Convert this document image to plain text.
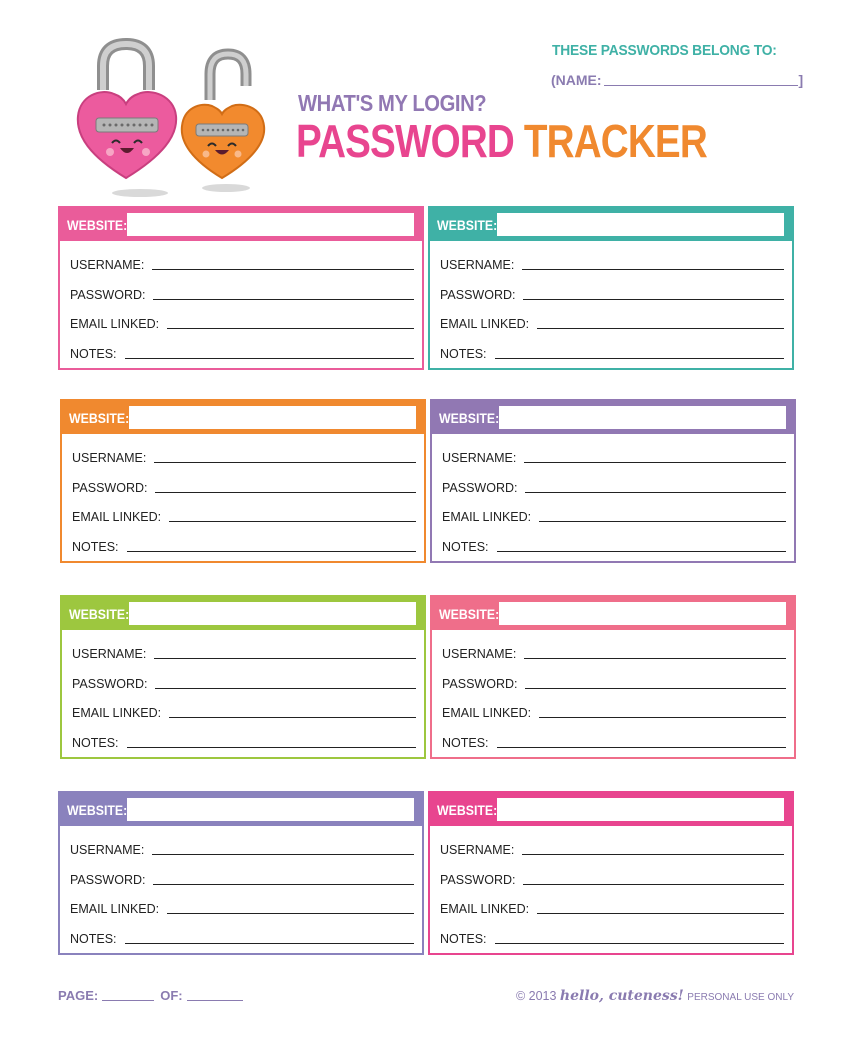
WHAT'S MY LOGIN?
PASSWORD TRACKER
THESE PASSWORDS BELONG TO:
(NAME:	]
WEBSITE:
USERNAME:
PASSWORD:
EMAIL LINKED:
NOTES:
WEBSITE:
USERNAME:
PASSWORD:
EMAIL LINKED:
NOTES:
WEBSITE:
USERNAME:
PASSWORD:
EMAIL LINKED:
NOTES:
WEBSITE:
USERNAME:
PASSWORD:
EMAIL LINKED:
NOTES:
WEBSITE:
USERNAME:
PASSWORD:
EMAIL LINKED:
NOTES:
WEBSITE:
USERNAME:
PASSWORD:
EMAIL LINKED:
NOTES:
WEBSITE:
USERNAME:
PASSWORD:
EMAIL LINKED:
NOTES:
WEBSITE:
USERNAME:
PASSWORD:
EMAIL LINKED:
NOTES:
PAGE:	OF:	© 2013 hello, cuteness! PERSONAL USE ONLY
